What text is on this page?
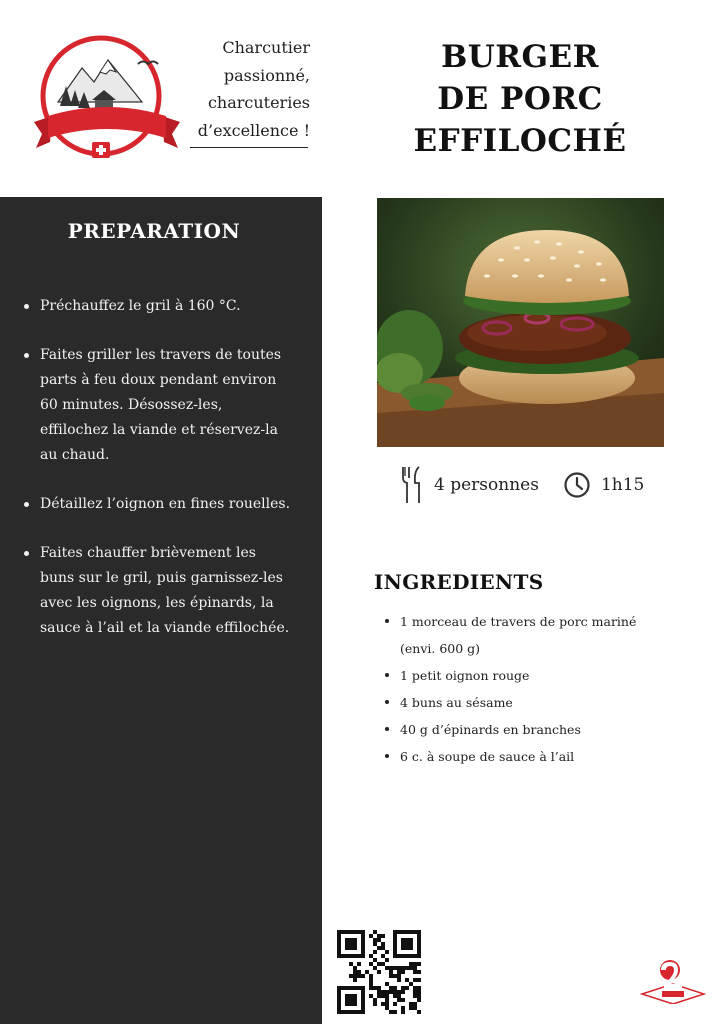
Charcutier
passionné,
charcuteries
d’excellence !
BURGER
DE PORC
EFFILOCHÉ
PREPARATION
Préchauffez le gril à 160 °C.
Faites griller les travers de toutes parts à feu doux pendant environ 60 minutes. Désossez-les, effilochez la viande et réservez-la au chaud.
Détaillez l’oignon en fines rouelles.
Faites chauffer brièvement les buns sur le gril, puis garnissez-les avec les oignons, les épinards, la sauce à l’ail et la viande effilochée.
4 personnes	1h15
INGREDIENTS
1 morceau de travers de porc mariné
(envi. 600 g)
1 petit oignon rouge
4 buns au sésame
40 g d’épinards en branches
6 c. à soupe de sauce à l’ail
